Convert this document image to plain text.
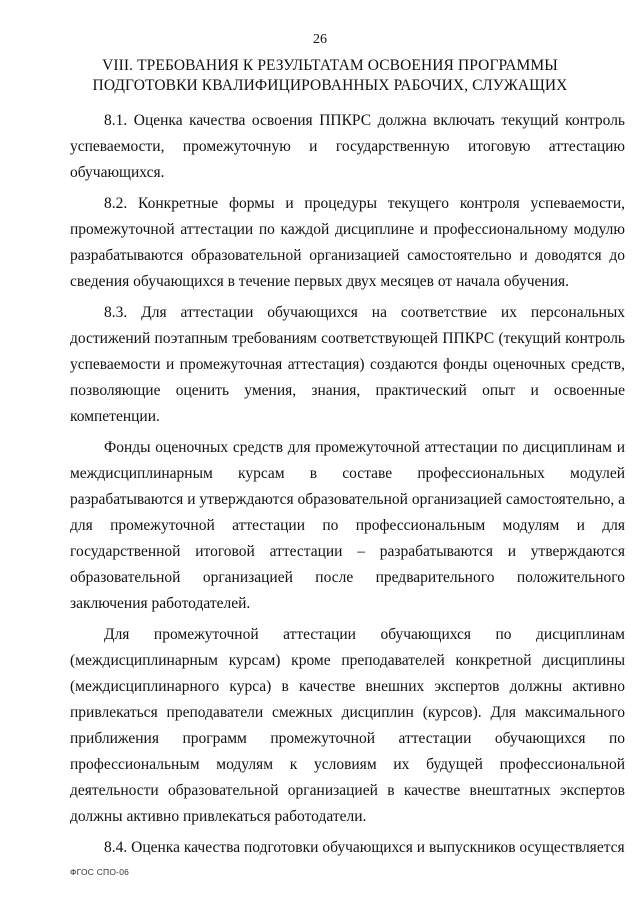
26
VIII. ТРЕБОВАНИЯ К РЕЗУЛЬТАТАМ ОСВОЕНИЯ ПРОГРАММЫ
ПОДГОТОВКИ КВАЛИФИЦИРОВАННЫХ РАБОЧИХ, СЛУЖАЩИХ

8.1. Оценка качества освоения ППКРС должна включать текущий контроль успеваемости, промежуточную и государственную итоговую аттестацию обучающихся.

8.2. Конкретные формы и процедуры текущего контроля успеваемости, промежуточной аттестации по каждой дисциплине и профессиональному модулю разрабатываются образовательной организацией самостоятельно и доводятся до сведения обучающихся в течение первых двух месяцев от начала обучения.

8.3. Для аттестации обучающихся на соответствие их персональных достижений поэтапным требованиям соответствующей ППКРС (текущий контроль успеваемости и промежуточная аттестация) создаются фонды оценочных средств, позволяющие оценить умения, знания, практический опыт и освоенные компетенции.

Фонды оценочных средств для промежуточной аттестации по дисциплинам и междисциплинарным курсам в составе профессиональных модулей разрабатываются и утверждаются образовательной организацией самостоятельно, а для промежуточной аттестации по профессиональным модулям и для государственной итоговой аттестации – разрабатываются и утверждаются образовательной организацией после предварительного положительного заключения работодателей.

Для промежуточной аттестации обучающихся по дисциплинам (междисциплинарным курсам) кроме преподавателей конкретной дисциплины (междисциплинарного курса) в качестве внешних экспертов должны активно привлекаться преподаватели смежных дисциплин (курсов). Для максимального приближения программ промежуточной аттестации обучающихся по профессиональным модулям к условиям их будущей профессиональной деятельности образовательной организацией в качестве внештатных экспертов должны активно привлекаться работодатели.

8.4. Оценка качества подготовки обучающихся и выпускников осуществляется

ФГОС СПО-06
